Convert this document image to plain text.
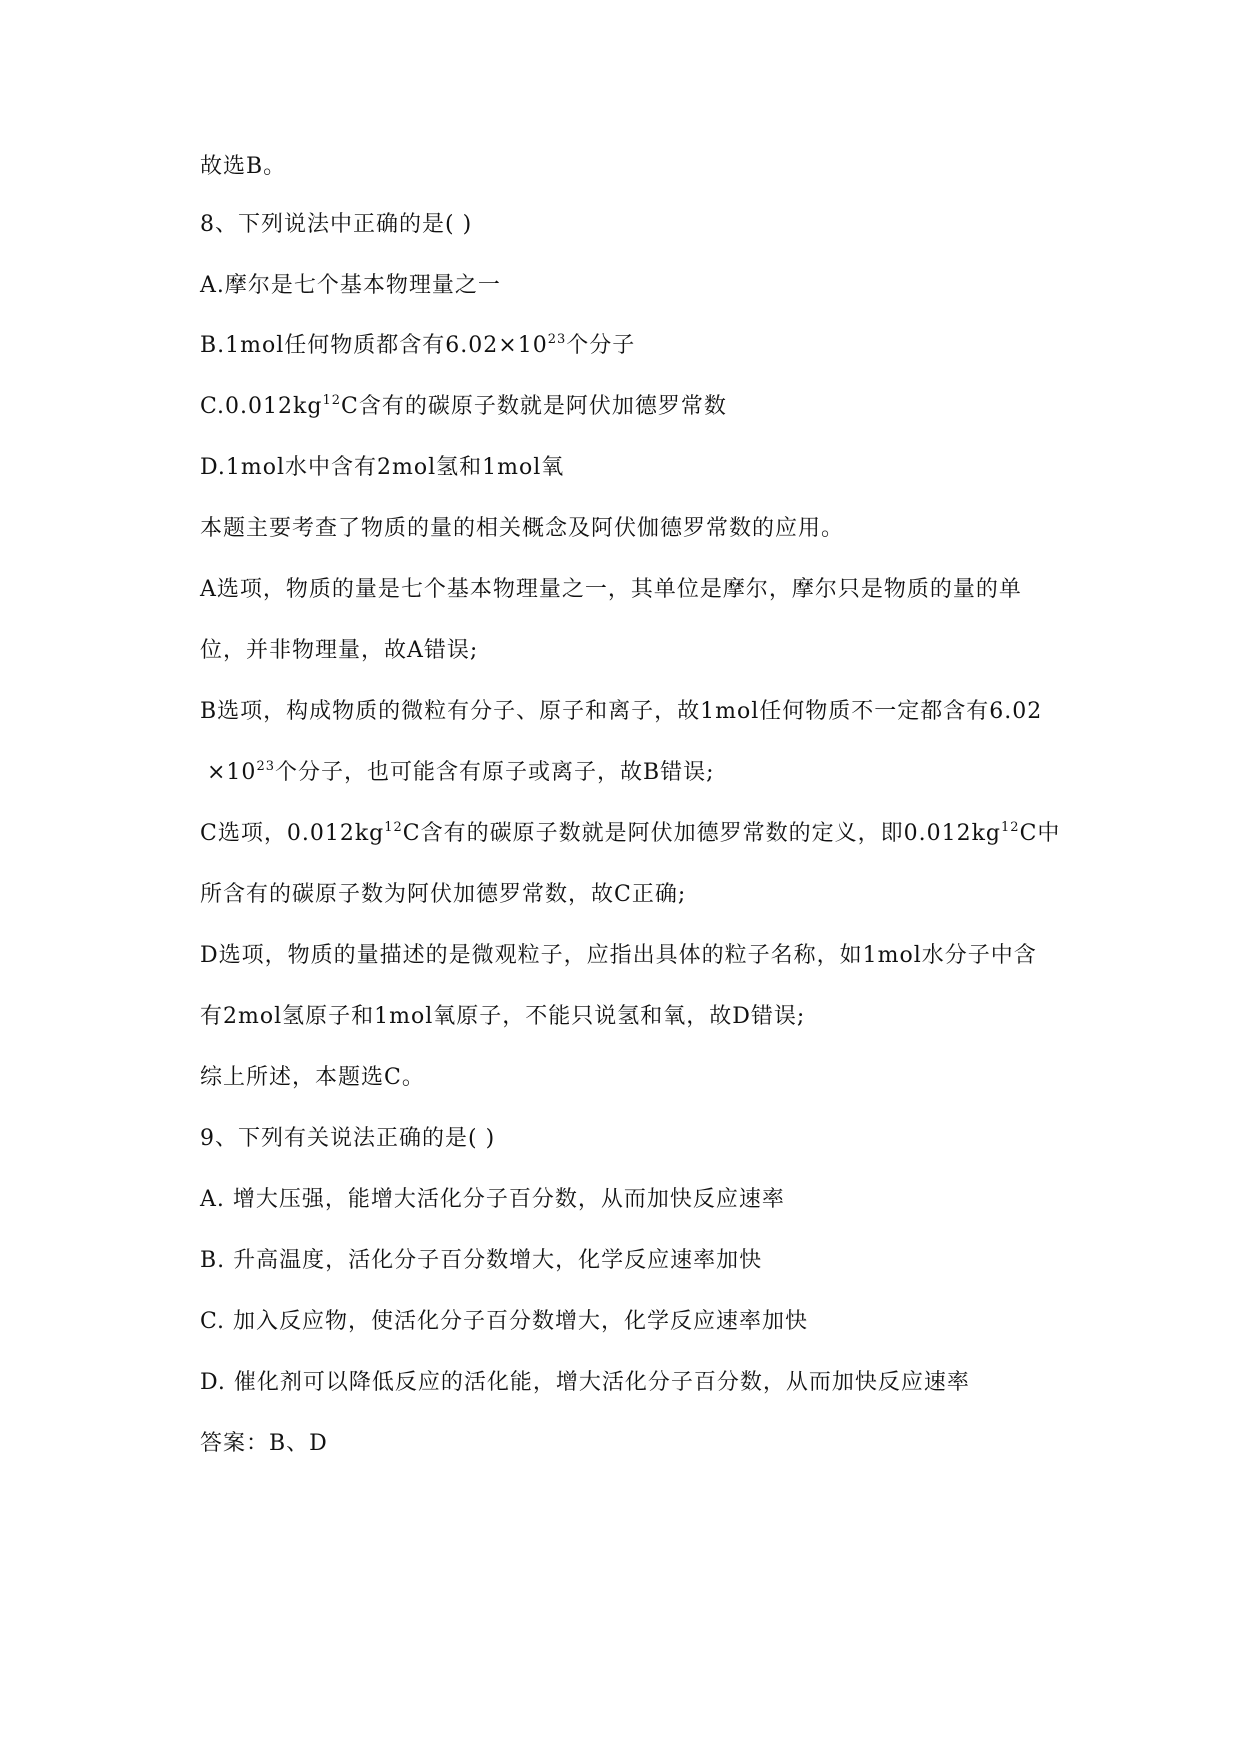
故选B。
8、下列说法中正确的是( )
A.摩尔是七个基本物理量之一
B.1mol任何物质都含有$6.02\times 10^{23}$个分子
$C.0.012kg^{12}C$含有的碳原子数就是阿伏加德罗常数
D.1mol水中含有2mol氢和1mol氧
本题主要考查了物质的量的相关概念及阿伏伽德罗常数的应用。
A选项，物质的量是七个基本物理量之一，其单位是摩尔，摩尔只是物质的量的单
位，并非物理量，故A错误;
B选项，构成物质的微粒有分子、原子和离子，故1mol任何物质不一定都含有6.02
$\times 10^{23}$个分子，也可能含有原子或离子，故B错误;
C选项，$0.012kg^{12}C$含有的碳原子数就是阿伏加德罗常数的定义，即$0.012kg^{12}C$中
所含有的碳原子数为阿伏加德罗常数，故C正确;
D选项，物质的量描述的是微观粒子，应指出具体的粒子名称，如1mol水分子中含
有2mol氢原子和1mol氧原子，不能只说氢和氧，故D错误;
综上所述，本题选C。
9、下列有关说法正确的是( )
A. 增大压强，能增大活化分子百分数，从而加快反应速率
B. 升高温度，活化分子百分数增大，化学反应速率加快
C. 加入反应物，使活化分子百分数增大，化学反应速率加快
D. 催化剂可以降低反应的活化能，增大活化分子百分数，从而加快反应速率
答案：B、D
